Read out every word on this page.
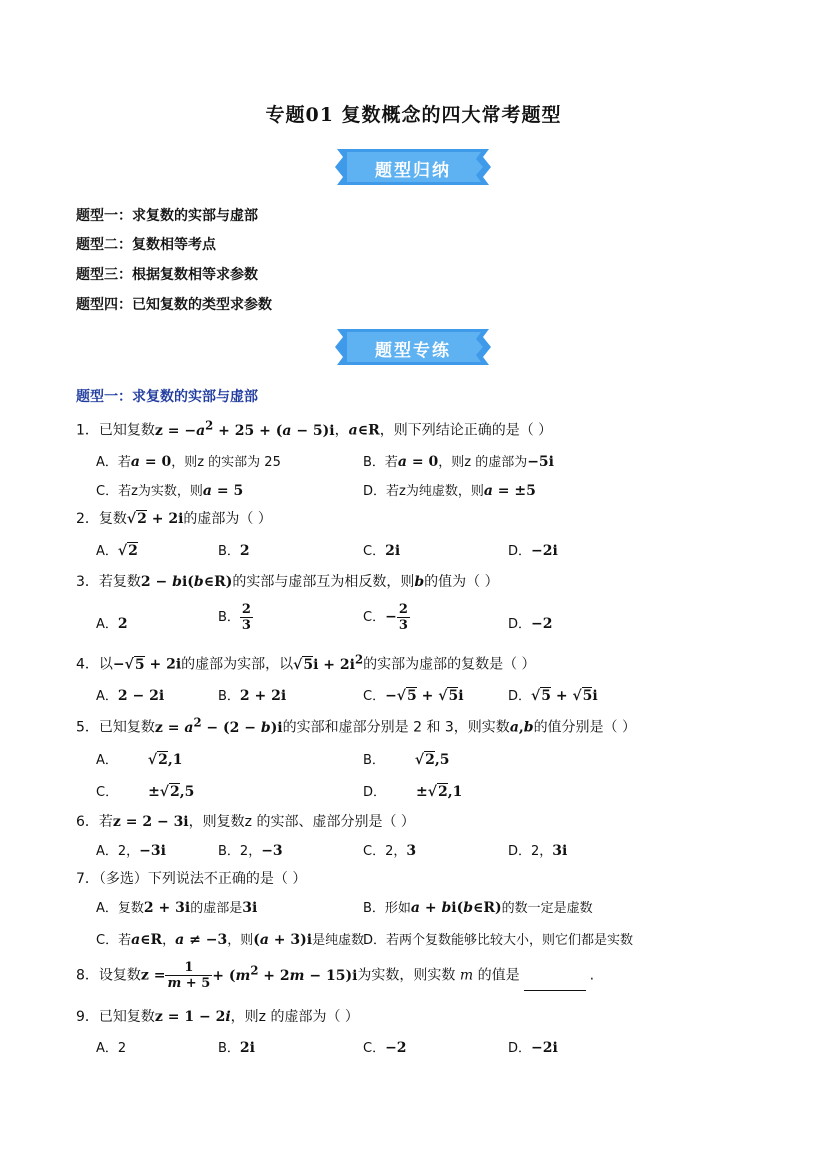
专题01 复数概念的四大常考题型
题型归纳
题型一：求复数的实部与虚部
题型二：复数相等考点
题型三：根据复数相等求参数
题型四：已知复数的类型求参数
题型专练
题型一：求复数的实部与虚部
1．已知复数$z = -a^2 + 25 + (a - 5)i$，a∈R，则下列结论正确的是（ ）
A．若a = 0，则z 的实部为 25	B．若a = 0，则z 的虚部为−5i
C．若z为实数，则a = 5	D．若z为纯虚数，则a = ±5
2．复数√2 + 2i的虚部为（ ）
A．√2	B．2	C．2i	D．−2i
3．若复数2 − bi(b∈R)的实部与虚部互为相反数，则b的值为（ ）
A．2	B． $\frac{2}{3}$	C．− $\frac{2}{3}$	D．−2
4．以−√5 + 2i的虚部为实部，以$√5i + 2i^2$的实部为虚部的复数是（ ）
A．2 − 2i	B．2 + 2i	C．−√5 + √5i	D．√5 + √5i
5．已知复数$z = a^2 - (2 - b)i$的实部和虚部分别是 2 和 3，则实数a,b的值分别是（ ）
A． √2,1	B． √2,5
C． ±√2,5	D． ±√2,1
6．若z = 2 − 3i，则复数z 的实部、虚部分别是（ ）
A．2，−3i	B．2，−3	C．2，3	D．2，3i
7．（多选）下列说法不正确的是（ ）
A．复数2 + 3i的虚部是3i	B．形如a + bi(b∈R)的数一定是虚数
C．若a∈R，a ≠ −3，则(a + 3)i是纯虚数
D．若两个复数能够比较大小，则它们都是实数
8．设复数$z = \frac{1}{m + 5} + (m^2 + 2m - 15)i$为实数，则实数 m 的值是	.
9．已知复数z = 1 − 2i，则z 的虚部为（ ）
A．2	B．2i	C．−2	D．−2i
